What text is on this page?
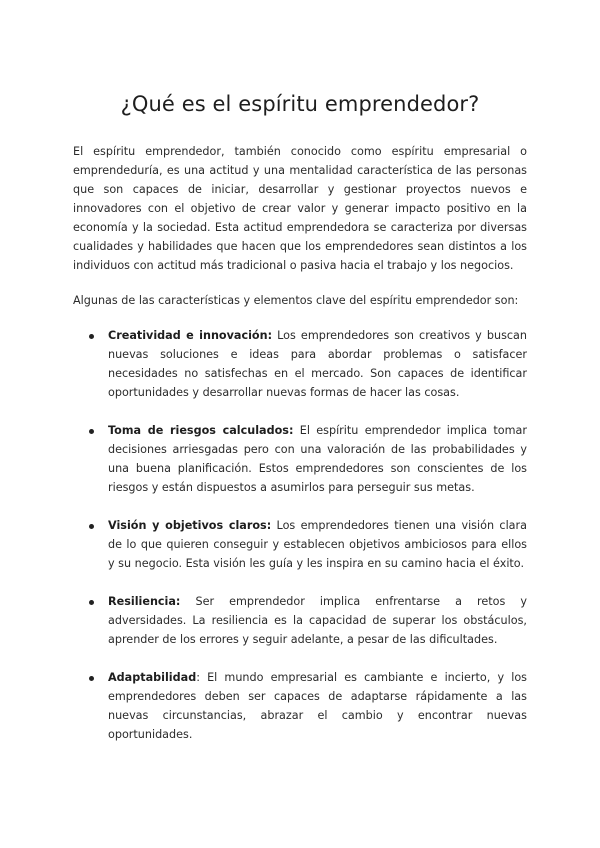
¿Qué es el espíritu emprendedor?

El espíritu emprendedor, también conocido como espíritu empresarial o emprendeduría, es una actitud y una mentalidad característica de las personas que son capaces de iniciar, desarrollar y gestionar proyectos nuevos e innovadores con el objetivo de crear valor y generar impacto positivo en la economía y la sociedad. Esta actitud emprendedora se caracteriza por diversas cualidades y habilidades que hacen que los emprendedores sean distintos a los individuos con actitud más tradicional o pasiva hacia el trabajo y los negocios.

Algunas de las características y elementos clave del espíritu emprendedor son:

Creatividad e innovación: Los emprendedores son creativos y buscan nuevas soluciones e ideas para abordar problemas o satisfacer necesidades no satisfechas en el mercado. Son capaces de identificar oportunidades y desarrollar nuevas formas de hacer las cosas.
Toma de riesgos calculados: El espíritu emprendedor implica tomar decisiones arriesgadas pero con una valoración de las probabilidades y una buena planificación. Estos emprendedores son conscientes de los riesgos y están dispuestos a asumirlos para perseguir sus metas.
Visión y objetivos claros: Los emprendedores tienen una visión clara de lo que quieren conseguir y establecen objetivos ambiciosos para ellos y su negocio. Esta visión les guía y les inspira en su camino hacia el éxito.
Resiliencia: Ser emprendedor implica enfrentarse a retos y adversidades. La resiliencia es la capacidad de superar los obstáculos, aprender de los errores y seguir adelante, a pesar de las dificultades.
Adaptabilidad: El mundo empresarial es cambiante e incierto, y los emprendedores deben ser capaces de adaptarse rápidamente a las nuevas circunstancias, abrazar el cambio y encontrar nuevas oportunidades.
